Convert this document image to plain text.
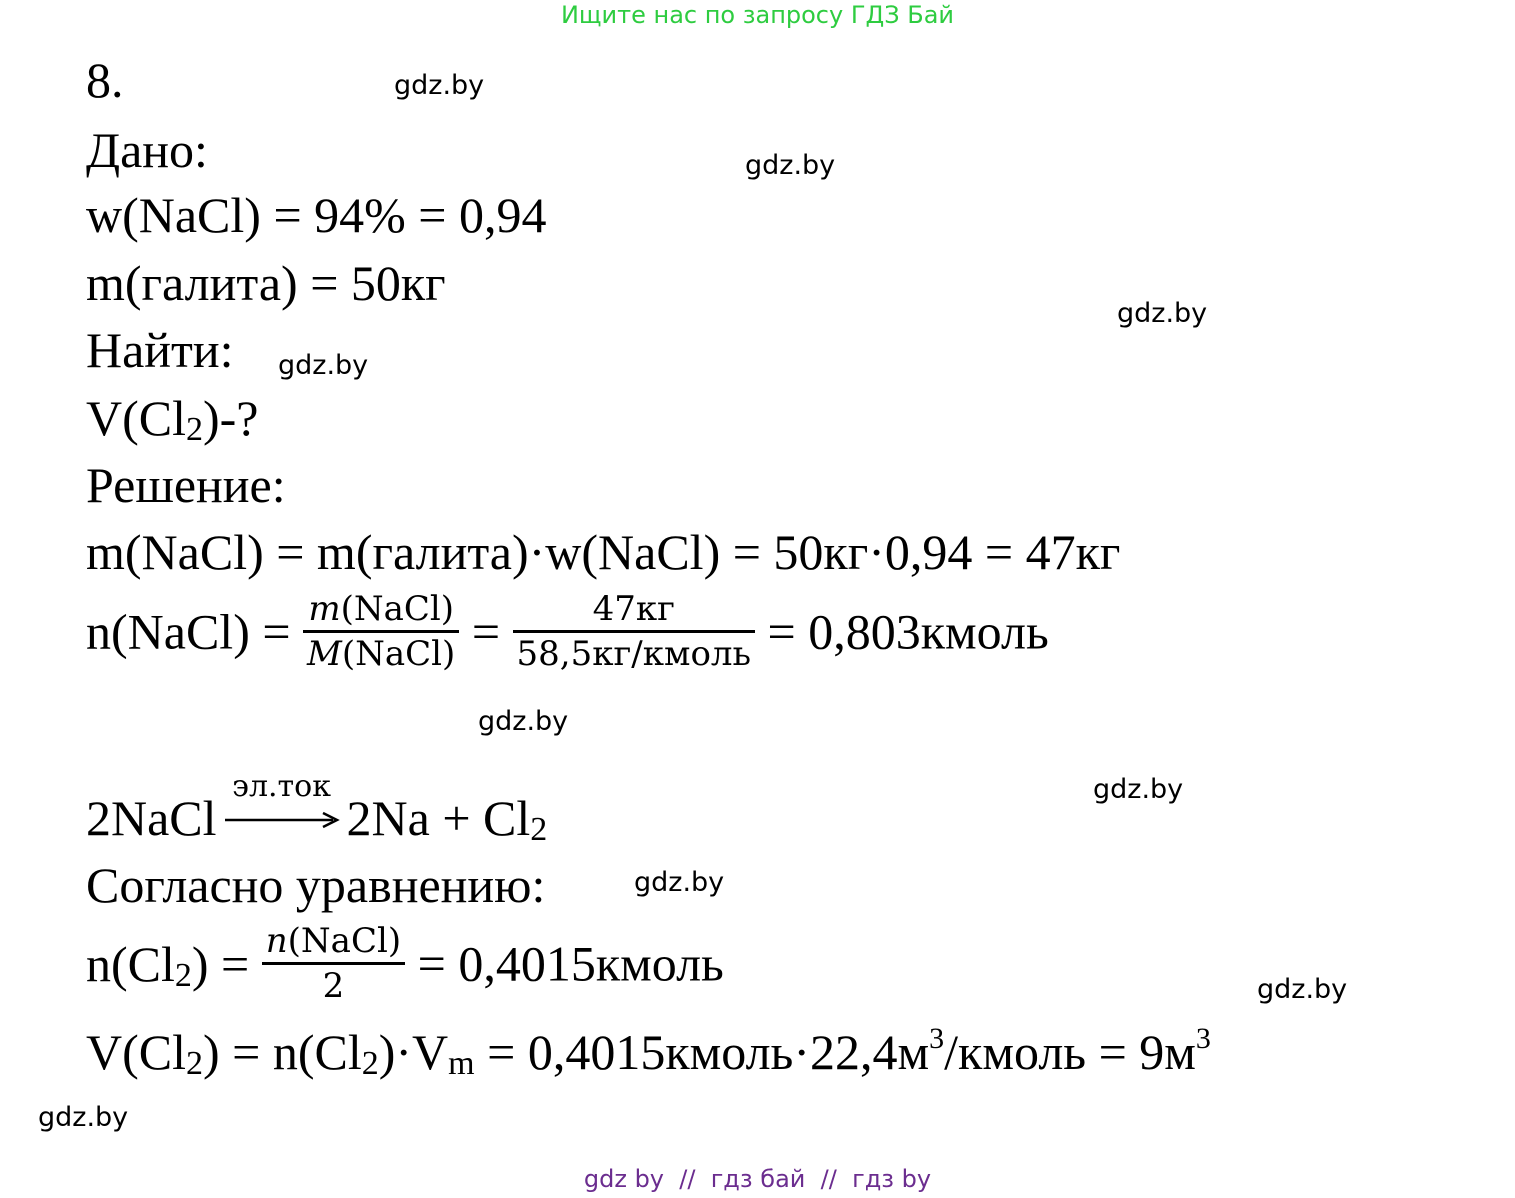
Ищите нас по запросу ГДЗ Бай
gdz.by
gdz.by
gdz.by
gdz.by
gdz.by
gdz.by
gdz.by
gdz.by
gdz.by
8.
Дано:
w(NaCl) = 94% = 0,94
m(галита) = 50кг
Найти:
$V(Cl_2)-$?
Решение:
m(NaCl) = m(галита)·w(NaCl) = 50кг·0,94 = 47кг
n(NaCl) = $\frac{\text{m(NaCl)}}{\text{M(NaCl)}} = \frac{47кг}{\text{58,5кг/кмоль}}$ = 0,803кмоль
2NaCl
эл.ток
$2Na + Cl_2$
Согласно уравнению:
$n(Cl_2) = \frac{\text{n(NaCl)}}{2}$ = 0,4015кмоль
$V(Cl_2) = n(Cl_2)\cdot V_m$ = $0,4015кмоль\cdot 22,4м^3$/кмоль = $9м^3$
gdz by  //  гдз бай  //  гдз by
